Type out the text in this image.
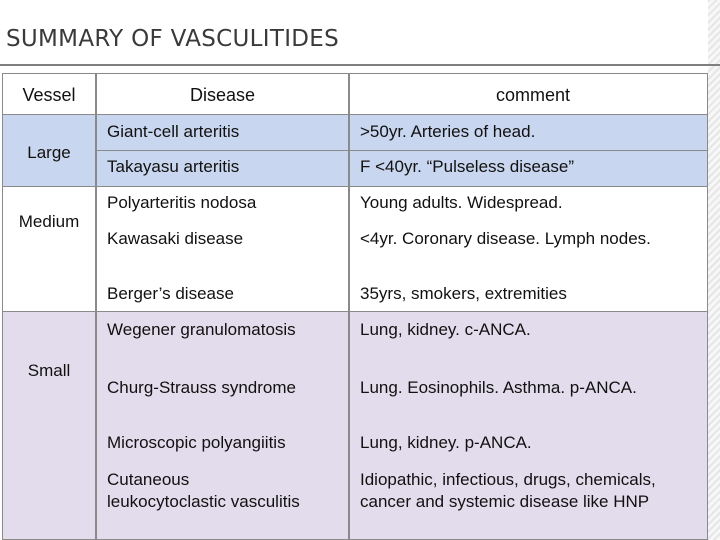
SUMMARY OF VASCULITIDES
Vessel
Large
Medium
Small
Disease
Giant-cell arteritis
Takayasu arteritis
Polyarteritis nodosa
Kawasaki disease
Berger’s disease
Wegener granulomatosis
Churg-Strauss syndrome
Microscopic polyangiitis
Cutaneous
leukocytoclastic vasculitis
comment
>50yr. Arteries of head.
F <40yr. “Pulseless disease”
Young adults. Widespread.
<4yr. Coronary disease. Lymph nodes.
35yrs, smokers, extremities
Lung, kidney. c-ANCA.
Lung. Eosinophils. Asthma. p-ANCA.
Lung, kidney. p-ANCA.
Idiopathic, infectious, drugs, chemicals,
cancer and systemic disease like HNP
